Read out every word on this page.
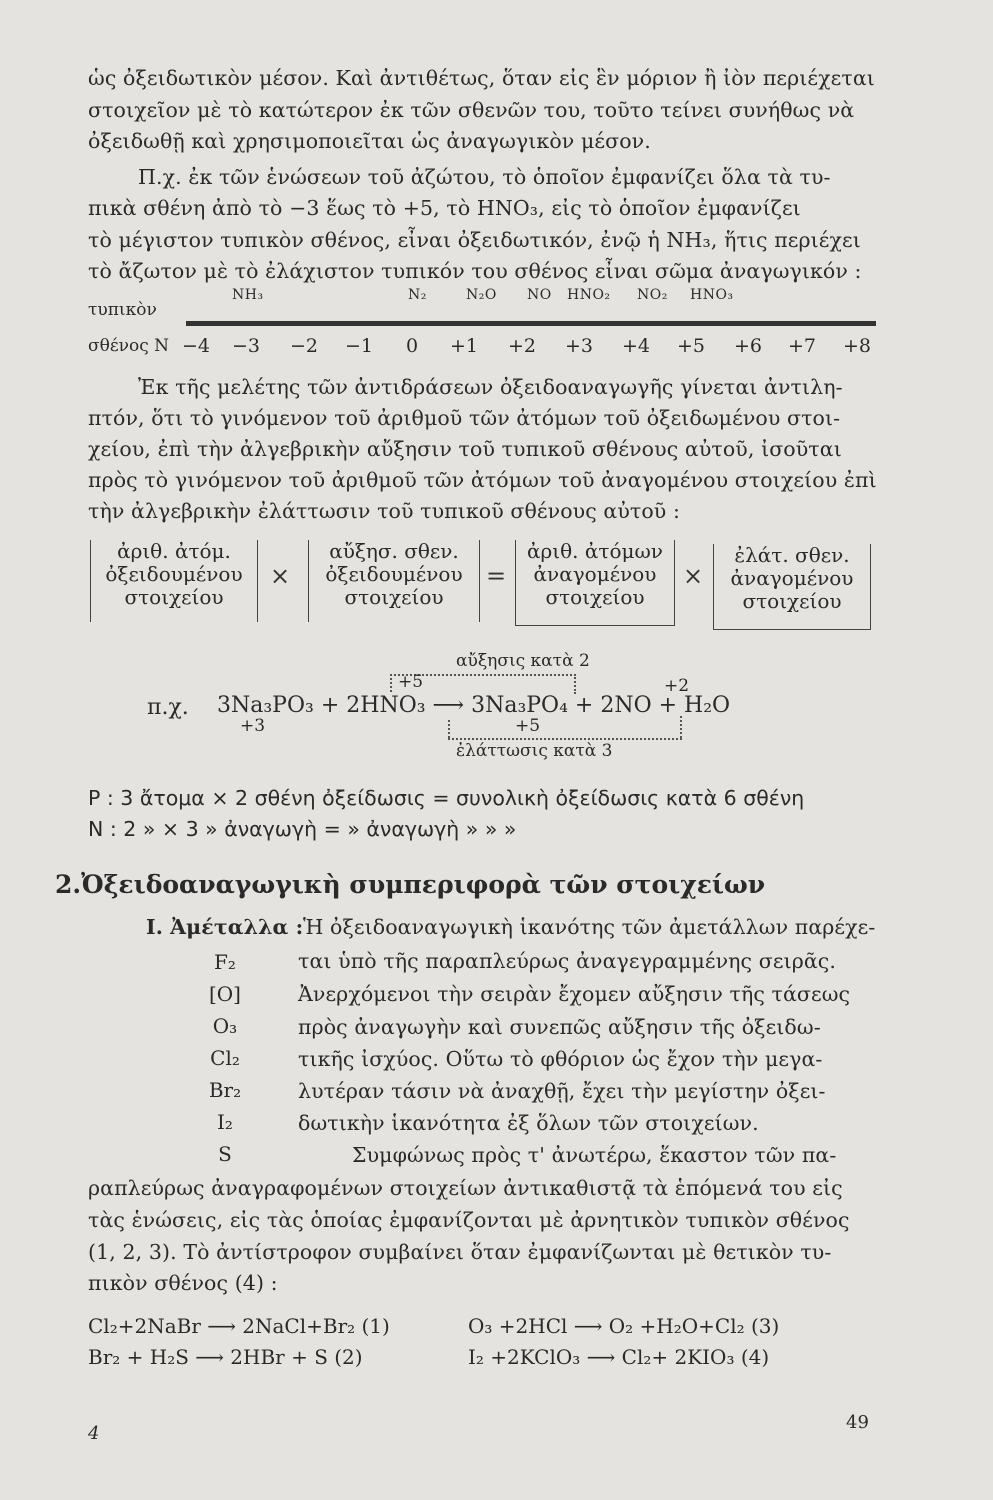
ὡς ὀξειδωτικὸν μέσον. Καὶ ἀντιθέτως, ὅταν εἰς ἓν μόριον ἢ ἰὸν περιέχεται
στοιχεῖον μὲ τὸ κατώτερον ἐκ τῶν σθενῶν του, τοῦτο τείνει συνήθως νὰ
ὀξειδωθῇ καὶ χρησιμοποιεῖται ὡς ἀναγωγικὸν μέσον.
Π.χ. ἐκ τῶν ἑνώσεων τοῦ ἀζώτου, τὸ ὁποῖον ἐμφανίζει ὅλα τὰ τυ-
πικὰ σθένη ἀπὸ τὸ −3 ἕως τὸ +5, τὸ HNO₃, εἰς τὸ ὁποῖον ἐμφανίζει
τὸ μέγιστον τυπικὸν σθένος, εἶναι ὀξειδωτικόν, ἐνῷ ἡ NH₃, ἥτις περιέχει
τὸ ἄζωτον μὲ τὸ ἐλάχιστον τυπικόν του σθένος εἶναι σῶμα ἀναγωγικόν :
τυπικὸν
σθένος N
NH₃	N₂	N₂O NO HNO₂ NO₂ HNO₃
−4 −3 −2 −1 0 +1 +2 +3 +4 +5 +6 +7 +8
Ἐκ τῆς μελέτης τῶν ἀντιδράσεων ὀξειδοαναγωγῆς γίνεται ἀντιλη-
πτόν, ὅτι τὸ γινόμενον τοῦ ἀριθμοῦ τῶν ἀτόμων τοῦ ὀξειδωμένου στοι-
χείου, ἐπὶ τὴν ἀλγεβρικὴν αὔξησιν τοῦ τυπικοῦ σθένους αὐτοῦ, ἰσοῦται
πρὸς τὸ γινόμενον τοῦ ἀριθμοῦ τῶν ἀτόμων τοῦ ἀναγομένου στοιχείου ἐπὶ
τὴν ἀλγεβρικὴν ἐλάττωσιν τοῦ τυπικοῦ σθένους αὐτοῦ :
ἀριθ. ἀτόμ.
ὀξειδουμένου
στοιχείου
×
αὔξησ. σθεν.
ὀξειδουμένου
στοιχείου
=
ἀριθ. ἀτόμων
ἀναγομένου
στοιχείου
×
ἐλάτ. σθεν.
ἀναγομένου
στοιχείου
αὔξησις κατὰ 2
+5	+2
π.χ. 3Na₃PO₃ + 2HNO₃ ⟶ 3Na₃PO₄ + 2NO + H₂O
+3	+5
ἐλάττωσις κατὰ 3
P : 3 ἄτομα × 2 σθένη ὀξείδωσις = συνολικὴ ὀξείδωσις κατὰ 6 σθένη
N : 2 » × 3 » ἀναγωγὴ = » ἀναγωγὴ » » »
2.Ὀξειδοαναγωγικὴ συμπεριφορὰ τῶν στοιχείων
I. Ἀμέταλλα : Ἡ ὀξειδοαναγωγικὴ ἱκανότης τῶν ἀμετάλλων παρέχε-
ται ὑπὸ τῆς παραπλεύρως ἀναγεγραμμένης σειρᾶς.
Ἀνερχόμενοι τὴν σειρὰν ἔχομεν αὔξησιν τῆς τάσεως
πρὸς ἀναγωγὴν καὶ συνεπῶς αὔξησιν τῆς ὀξειδω-
τικῆς ἰσχύος. Οὕτω τὸ φθόριον ὡς ἔχον τὴν μεγα-
λυτέραν τάσιν νὰ ἀναχθῇ, ἔχει τὴν μεγίστην ὀξει-
δωτικὴν ἱκανότητα ἐξ ὅλων τῶν στοιχείων.
Συμφώνως πρὸς τ' ἀνωτέρω, ἕκαστον τῶν πα-
F₂
[O]
O₃
Cl₂
Br₂
I₂
S
ραπλεύρως ἀναγραφομένων στοιχείων ἀντικαθιστᾷ τὰ ἑπόμενά του εἰς
τὰς ἑνώσεις, εἰς τὰς ὁποίας ἐμφανίζονται μὲ ἀρνητικὸν τυπικὸν σθένος
(1, 2, 3). Τὸ ἀντίστροφον συμβαίνει ὅταν ἐμφανίζωνται μὲ θετικὸν τυ-
πικὸν σθένος (4) :
Cl₂+2NaBr ⟶ 2NaCl+Br₂ (1)	O₃ +2HCl ⟶ O₂ +H₂O+Cl₂ (3)
Br₂ + H₂S ⟶ 2HBr + S (2)	I₂ +2KClO₃ ⟶ Cl₂+ 2KIO₃ (4)
49
4
